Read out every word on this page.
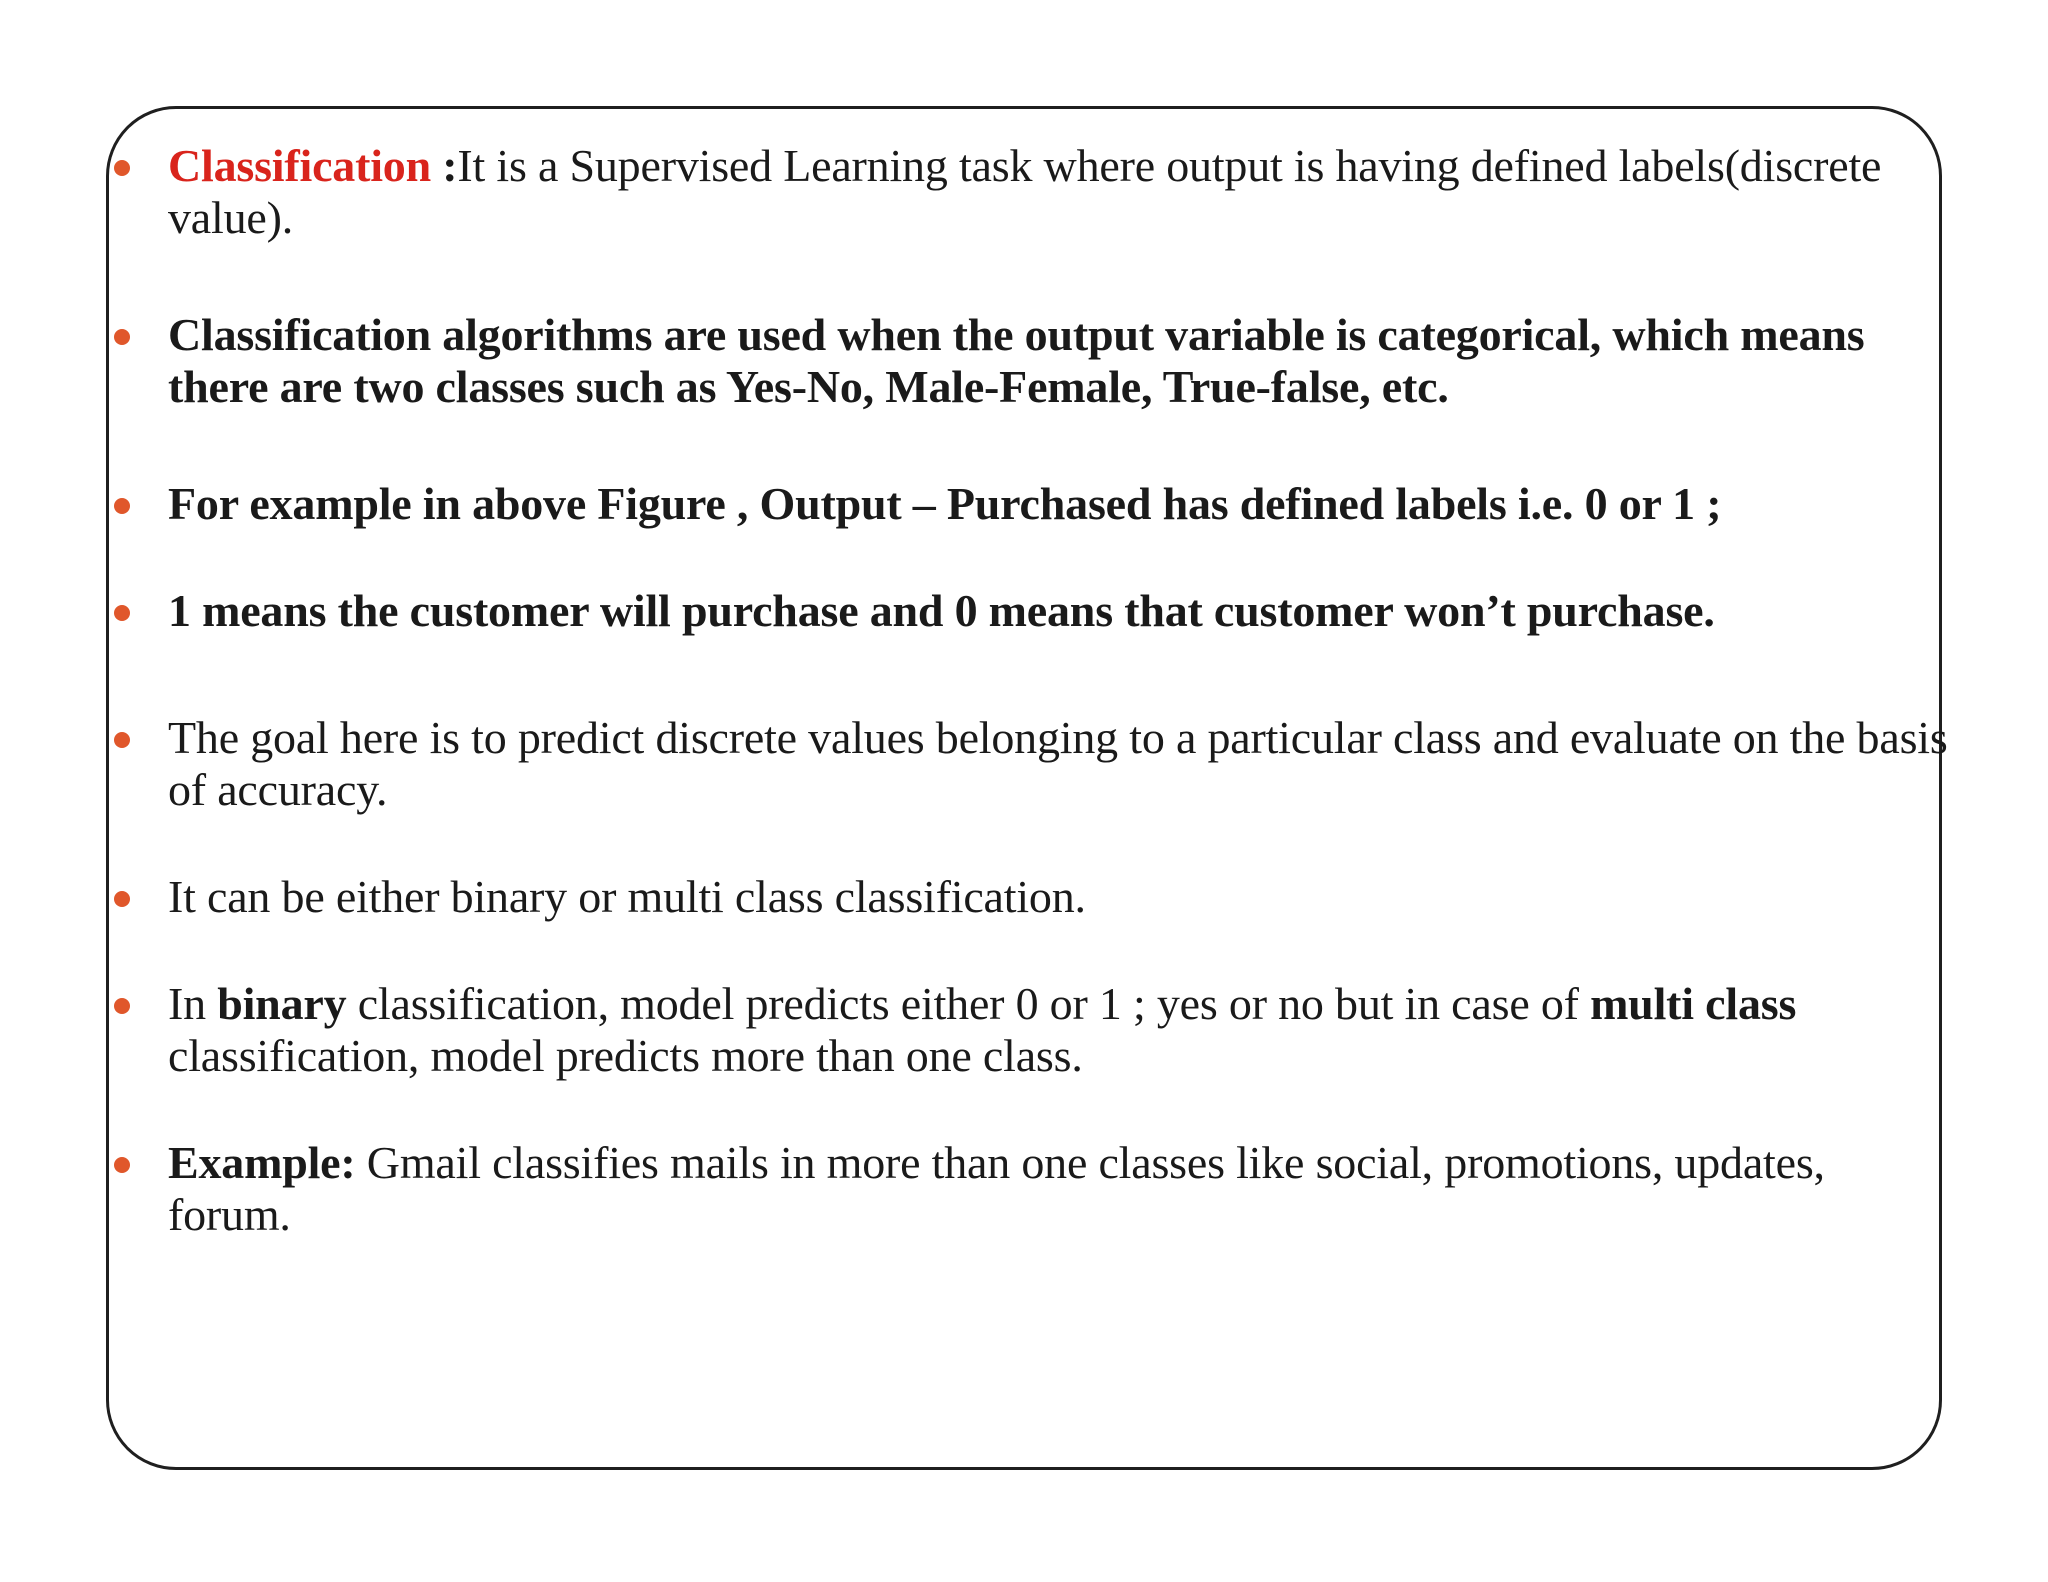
Classification :It is a Supervised Learning task where output is having defined labels(discrete value).
Classification algorithms are used when the output variable is categorical, which means there are two classes such as Yes-No, Male-Female, True-false, etc.
For example in above Figure , Output – Purchased has defined labels i.e. 0 or 1 ;
1 means the customer will purchase and 0 means that customer won’t purchase.
The goal here is to predict discrete values belonging to a particular class and evaluate on the basis of accuracy.
It can be either binary or multi class classification.
In binary classification, model predicts either 0 or 1 ; yes or no but in case of multi class classification, model predicts more than one class.
Example: Gmail classifies mails in more than one classes like social, promotions, updates, forum.
